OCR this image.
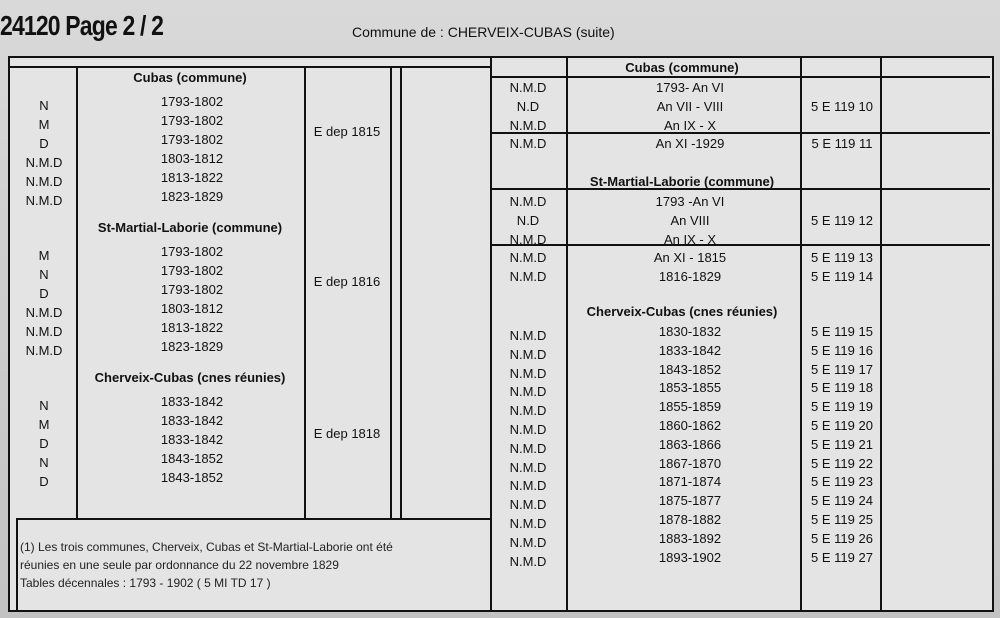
24120 Page 2 / 2	Commune de : CHERVEIX-CUBAS (suite)
Cubas (commune)
N	1793-1802
M	1793-1802
D	1793-1802
N.M.D	1803-1812
N.M.D	1813-1822
N.M.D	1823-1829
E dep 1815
St-Martial-Laborie (commune)
M	1793-1802
N	1793-1802
D	1793-1802
N.M.D	1803-1812
N.M.D	1813-1822
N.M.D	1823-1829
E dep 1816
Cherveix-Cubas (cnes réunies)
N	1833-1842
M	1833-1842
D	1833-1842
N	1843-1852
D	1843-1852
E dep 1818
(1) Les trois communes, Cherveix, Cubas et St-Martial-Laborie ont été
réunies en une seule par ordonnance du 22 novembre 1829
Tables décennales : 1793 - 1902 ( 5 MI TD 17 )
Cubas (commune)
N.M.D	1793- An VI
N.D	An VII - VIII	5 E 119 10
N.M.D	An IX - X
N.M.D	An XI -1929	5 E 119 11
St-Martial-Laborie (commune)
N.M.D	1793 -An VI
N.D	An VIII	5 E 119 12
N.M.D	An IX - X
N.M.D	An XI - 1815	5 E 119 13
N.M.D	1816-1829	5 E 119 14
Cherveix-Cubas (cnes réunies)
N.M.D	1830-1832	5 E 119 15
N.M.D	1833-1842	5 E 119 16
N.M.D	1843-1852	5 E 119 17
N.M.D	1853-1855	5 E 119 18
N.M.D	1855-1859	5 E 119 19
N.M.D	1860-1862	5 E 119 20
N.M.D	1863-1866	5 E 119 21
N.M.D	1867-1870	5 E 119 22
N.M.D	1871-1874	5 E 119 23
N.M.D	1875-1877	5 E 119 24
N.M.D	1878-1882	5 E 119 25
N.M.D	1883-1892	5 E 119 26
N.M.D	1893-1902	5 E 119 27
